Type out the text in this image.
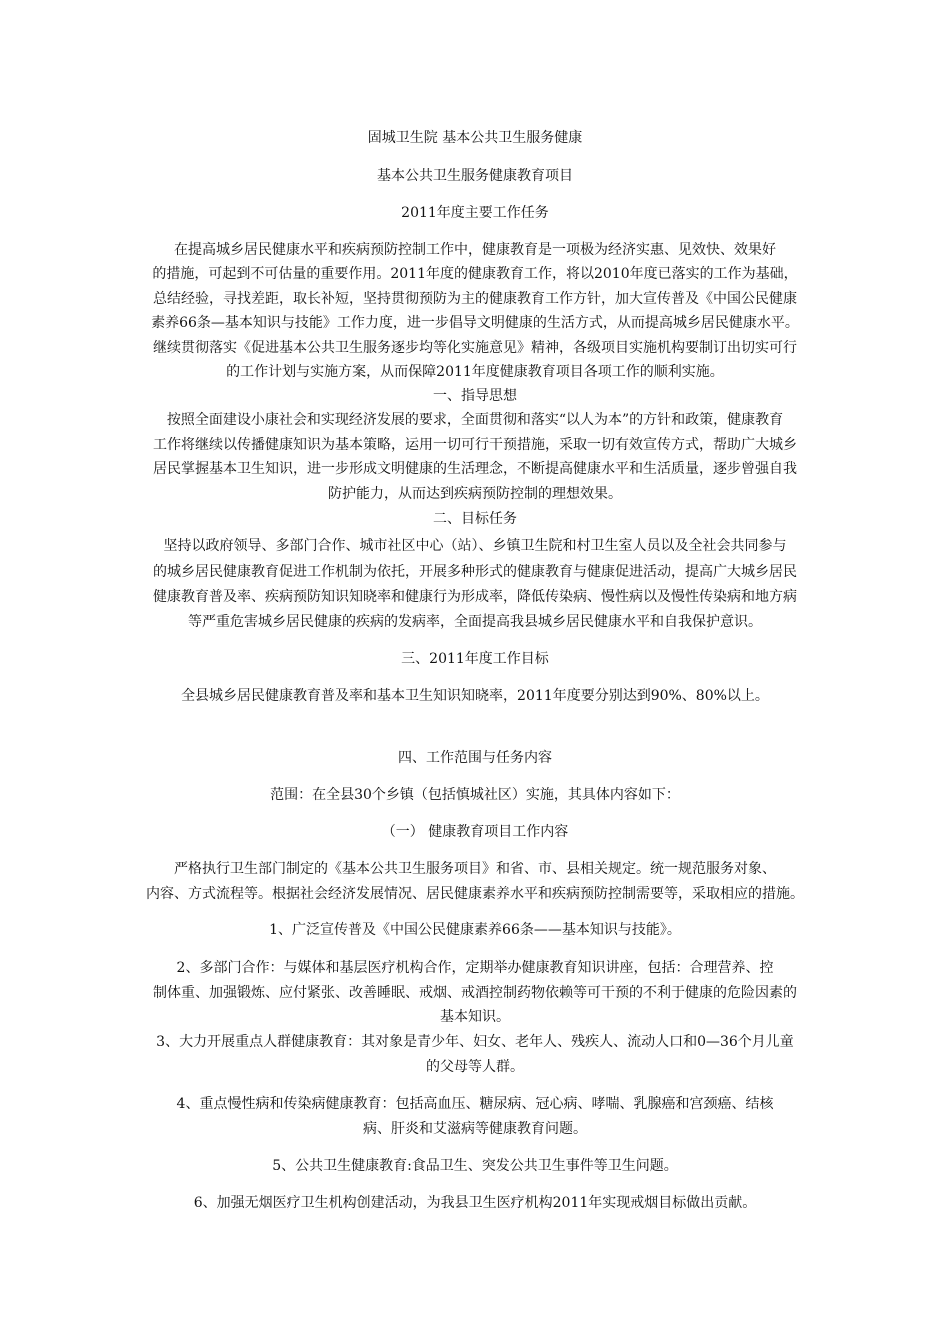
固城卫生院 基本公共卫生服务健康
基本公共卫生服务健康教育项目
2011年度主要工作任务
在提高城乡居民健康水平和疾病预防控制工作中，健康教育是一项极为经济实惠、见效快、效果好
的措施，可起到不可估量的重要作用。2011年度的健康教育工作，将以2010年度已落实的工作为基础，
总结经验，寻找差距，取长补短，坚持贯彻预防为主的健康教育工作方针，加大宣传普及《中国公民健康
素养66条—基本知识与技能》工作力度，进一步倡导文明健康的生活方式，从而提高城乡居民健康水平。
继续贯彻落实《促进基本公共卫生服务逐步均等化实施意见》精神，各级项目实施机构要制订出切实可行
的工作计划与实施方案，从而保障2011年度健康教育项目各项工作的顺利实施。
一、指导思想
按照全面建设小康社会和实现经济发展的要求，全面贯彻和落实“以人为本”的方针和政策，健康教育
工作将继续以传播健康知识为基本策略，运用一切可行干预措施，采取一切有效宣传方式，帮助广大城乡
居民掌握基本卫生知识，进一步形成文明健康的生活理念，不断提高健康水平和生活质量，逐步曾强自我
防护能力，从而达到疾病预防控制的理想效果。
二、目标任务
坚持以政府领导、多部门合作、城市社区中心（站）、乡镇卫生院和村卫生室人员以及全社会共同参与
的城乡居民健康教育促进工作机制为依托，开展多种形式的健康教育与健康促进活动，提高广大城乡居民
健康教育普及率、疾病预防知识知晓率和健康行为形成率，降低传染病、慢性病以及慢性传染病和地方病
等严重危害城乡居民健康的疾病的发病率，全面提高我县城乡居民健康水平和自我保护意识。
三、2011年度工作目标
全县城乡居民健康教育普及率和基本卫生知识知晓率，2011年度要分别达到90%、80%以上。
四、工作范围与任务内容
范围：在全县30个乡镇（包括慎城社区）实施，其具体内容如下：
（一） 健康教育项目工作内容
严格执行卫生部门制定的《基本公共卫生服务项目》和省、市、县相关规定。统一规范服务对象、
内容、方式流程等。根据社会经济发展情况、居民健康素养水平和疾病预防控制需要等，采取相应的措施。
1、广泛宣传普及《中国公民健康素养66条——基本知识与技能》。
2、多部门合作：与媒体和基层医疗机构合作，定期举办健康教育知识讲座，包括：合理营养、控
制体重、加强锻炼、应付紧张、改善睡眠、戒烟、戒酒控制药物依赖等可干预的不利于健康的危险因素的
基本知识。
3、大力开展重点人群健康教育：其对象是青少年、妇女、老年人、残疾人、流动人口和0—36个月儿童
的父母等人群。
4、重点慢性病和传染病健康教育：包括高血压、糖尿病、冠心病、哮喘、乳腺癌和宫颈癌、结核
病、肝炎和艾滋病等健康教育问题。
5、公共卫生健康教育:食品卫生、突发公共卫生事件等卫生问题。
6、加强无烟医疗卫生机构创建活动，为我县卫生医疗机构2011年实现戒烟目标做出贡献。
